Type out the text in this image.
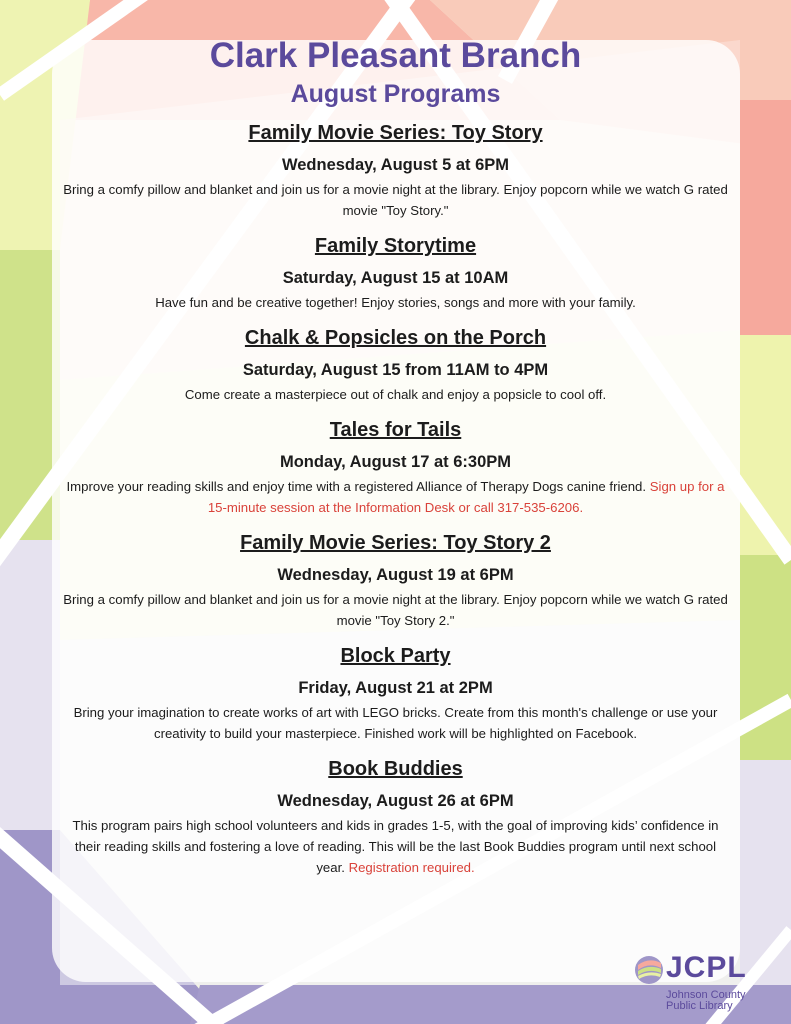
Clark Pleasant Branch
August Programs
Family Movie Series: Toy Story
Wednesday, August 5 at 6PM

Bring a comfy pillow and blanket and join us for a movie night at the library. Enjoy popcorn while we watch G rated movie "Toy Story."

Family Storytime
Saturday, August 15 at 10AM

Have fun and be creative together! Enjoy stories, songs and more with your family.

Chalk & Popsicles on the Porch
Saturday, August 15 from 11AM to 4PM

Come create a masterpiece out of chalk and enjoy a popsicle to cool off.

Tales for Tails
Monday, August 17 at 6:30PM

Improve your reading skills and enjoy time with a registered Alliance of Therapy Dogs canine friend. Sign up for a 15-minute session at the Information Desk or call 317-535-6206.

Family Movie Series: Toy Story 2
Wednesday, August 19 at 6PM

Bring a comfy pillow and blanket and join us for a movie night at the library. Enjoy popcorn while we watch G rated movie "Toy Story 2."

Block Party
Friday, August 21 at 2PM

Bring your imagination to create works of art with LEGO bricks. Create from this month's challenge or use your creativity to build your masterpiece. Finished work will be highlighted on Facebook.

Book Buddies
Wednesday, August 26 at 6PM

This program pairs high school volunteers and kids in grades 1-5, with the goal of improving kids’ confidence in their reading skills and fostering a love of reading. This will be the last Book Buddies program until next school year. Registration required.

JCPL
Johnson County
Public Library
